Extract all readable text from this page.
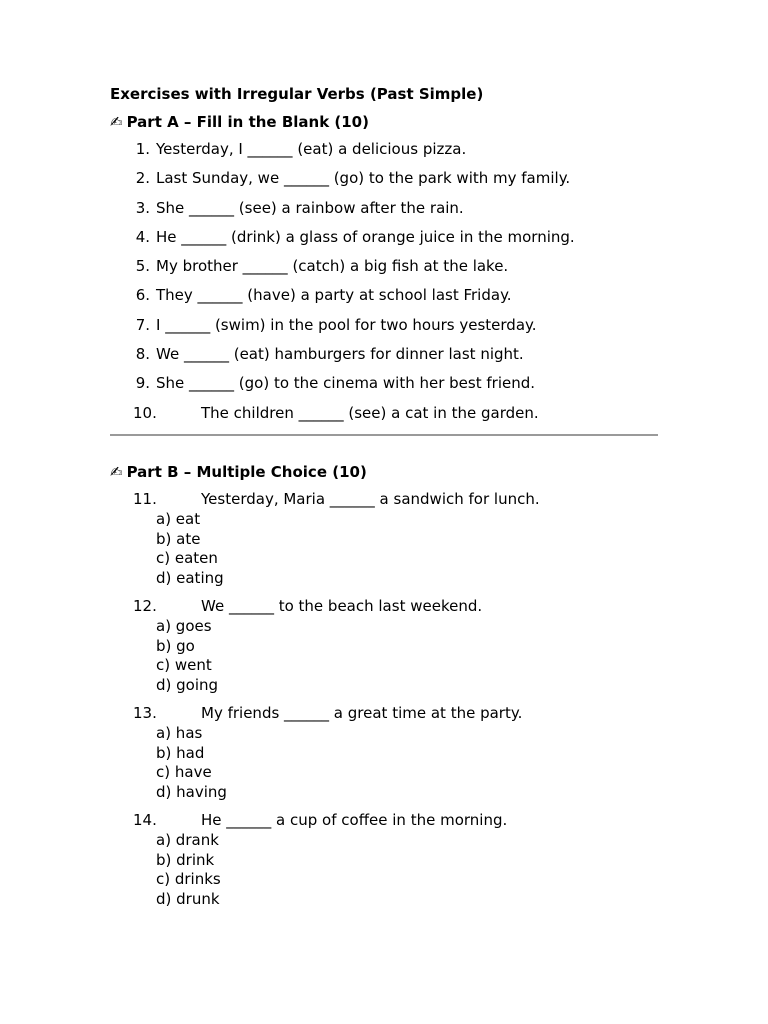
Exercises with Irregular Verbs (Past Simple)

✍ Part A – Fill in the Blank (10)

1. Yesterday, I ______ (eat) a delicious pizza.
2. Last Sunday, we ______ (go) to the park with my family.
3. She ______ (see) a rainbow after the rain.
4. He ______ (drink) a glass of orange juice in the morning.
5. My brother ______ (catch) a big fish at the lake.
6. They ______ (have) a party at school last Friday.
7. I ______ (swim) in the pool for two hours yesterday.
8. We ______ (eat) hamburgers for dinner last night.
9. She ______ (go) to the cinema with her best friend.
10.	The children ______ (see) a cat in the garden.

✍ Part B – Multiple Choice (10)

11.	Yesterday, Maria ______ a sandwich for lunch.
a) eat
b) ate
c) eaten
d) eating
12.	We ______ to the beach last weekend.
a) goes
b) go
c) went
d) going
13.	My friends ______ a great time at the party.
a) has
b) had
c) have
d) having
14.	He ______ a cup of coffee in the morning.
a) drank
b) drink
c) drinks
d) drunk
